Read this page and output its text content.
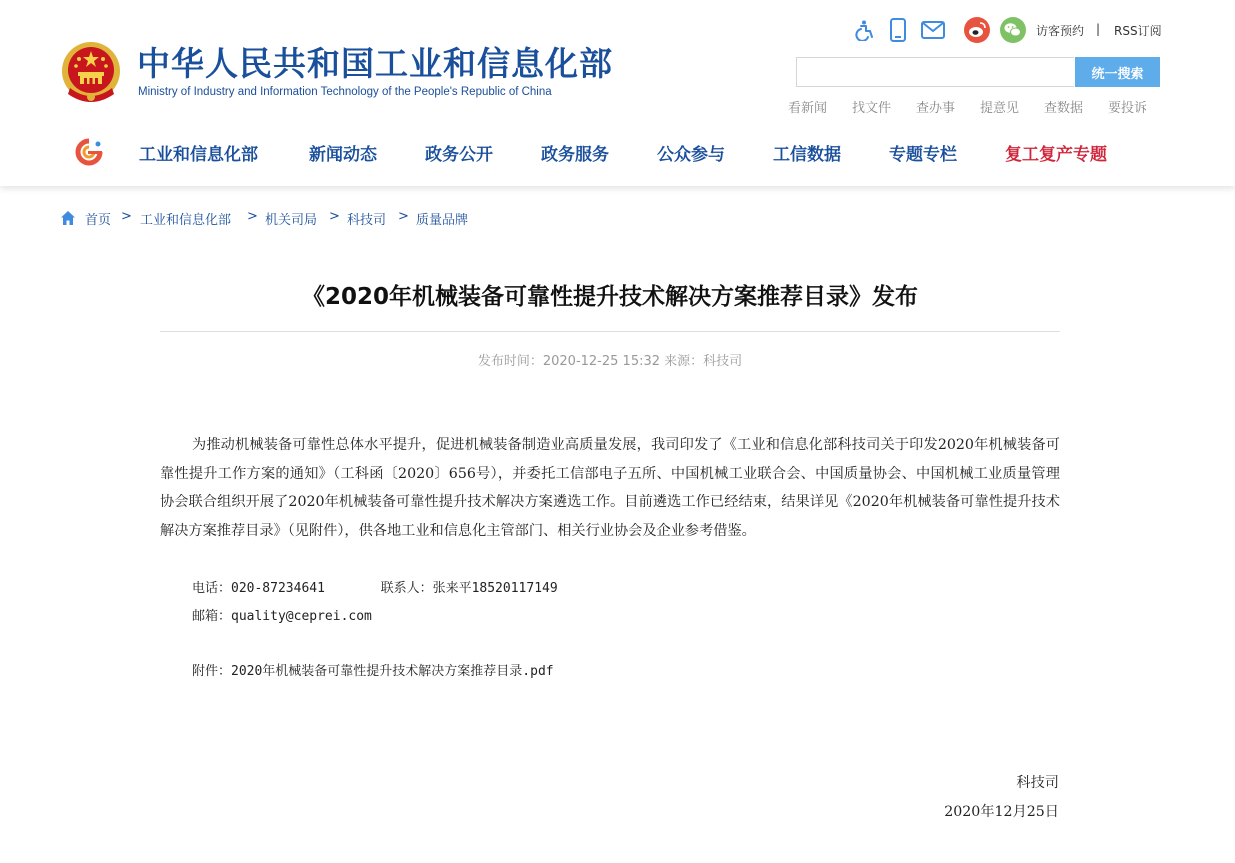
中华人民共和国工业和信息化部
Ministry of Industry and Information Technology of the People's Republic of China
访客预约 | RSS订阅
统一搜索
看新闻 找文件 查办事 提意见 查数据 要投诉
工业和信息化部	新闻动态	政务公开	政务服务	公众参与	工信数据	专题专栏	复工复产专题
首页 > 工业和信息化部 > 机关司局 > 科技司 > 质量品牌
《2020年机械装备可靠性提升技术解决方案推荐目录》发布
发布时间：2020-12-25 15:32 来源：科技司

为推动机械装备可靠性总体水平提升，促进机械装备制造业高质量发展，我司印发了《工业和信息化部科技司关于印发2020年机械装备可靠性提升工作方案的通知》（工科函〔2020〕656号），并委托工信部电子五所、中国机械工业联合会、中国质量协会、中国机械工业质量管理协会联合组织开展了2020年机械装备可靠性提升技术解决方案遴选工作。目前遴选工作已经结束，结果详见《2020年机械装备可靠性提升技术解决方案推荐目录》（见附件），供各地工业和信息化主管部门、相关行业协会及企业参考借鉴。

电话：020-87234641	联系人：张来平18520117149
邮箱：quality@ceprei.com
附件：2020年机械装备可靠性提升技术解决方案推荐目录.pdf
科技司
2020年12月25日
